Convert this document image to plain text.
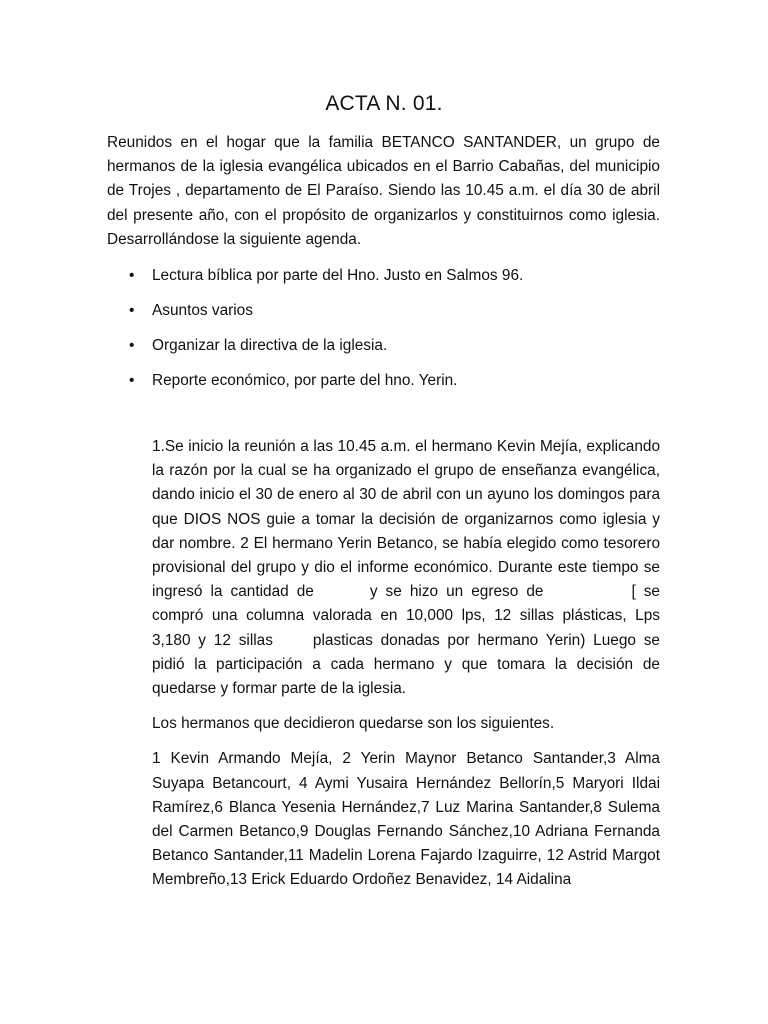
ACTA N. 01.

Reunidos en el hogar que la familia BETANCO SANTANDER, un grupo de hermanos de la iglesia evangélica ubicados en el Barrio Cabañas, del municipio de Trojes , departamento de El Paraíso. Siendo las 10.45 a.m. el día 30 de abril del presente año, con el propósito de organizarlos y constituirnos como iglesia. Desarrollándose la siguiente agenda.

• Lectura bíblica por parte del Hno. Justo en Salmos 96.
• Asuntos varios
• Organizar la directiva de la iglesia.
• Reporte económico, por parte del hno. Yerin.

1.Se inicio la reunión a las 10.45 a.m. el hermano Kevin Mejía, explicando la razón por la cual se ha organizado el grupo de enseñanza evangélica, dando inicio el 30 de enero al 30 de abril con un ayuno los domingos para que DIOS NOS guie a tomar la decisión de organizarnos como iglesia y dar nombre. 2 El hermano Yerin Betanco, se había elegido como tesorero provisional del grupo y dio el informe económico. Durante este tiempo se ingresó la cantidad de	y se hizo un egreso de	[ se compró una columna valorada en 10,000 lps, 12 sillas plásticas, Lps 3,180 y 12 sillas	plasticas donadas por hermano Yerin) Luego se pidió la participación a cada hermano y que tomara la decisión de quedarse y formar parte de la iglesia.

Los hermanos que decidieron quedarse son los siguientes.

1 Kevin Armando Mejía, 2 Yerin Maynor Betanco Santander,3 Alma Suyapa Betancourt, 4 Aymi Yusaira Hernández Bellorín,5 Maryori Ildai Ramírez,6 Blanca Yesenia Hernández,7 Luz Marina Santander,8 Sulema del Carmen Betanco,9 Douglas Fernando Sánchez,10 Adriana Fernanda Betanco Santander,11 Madelin Lorena Fajardo Izaguirre, 12 Astrid Margot Membreño,13 Erick Eduardo Ordoñez Benavidez, 14 Aidalina
